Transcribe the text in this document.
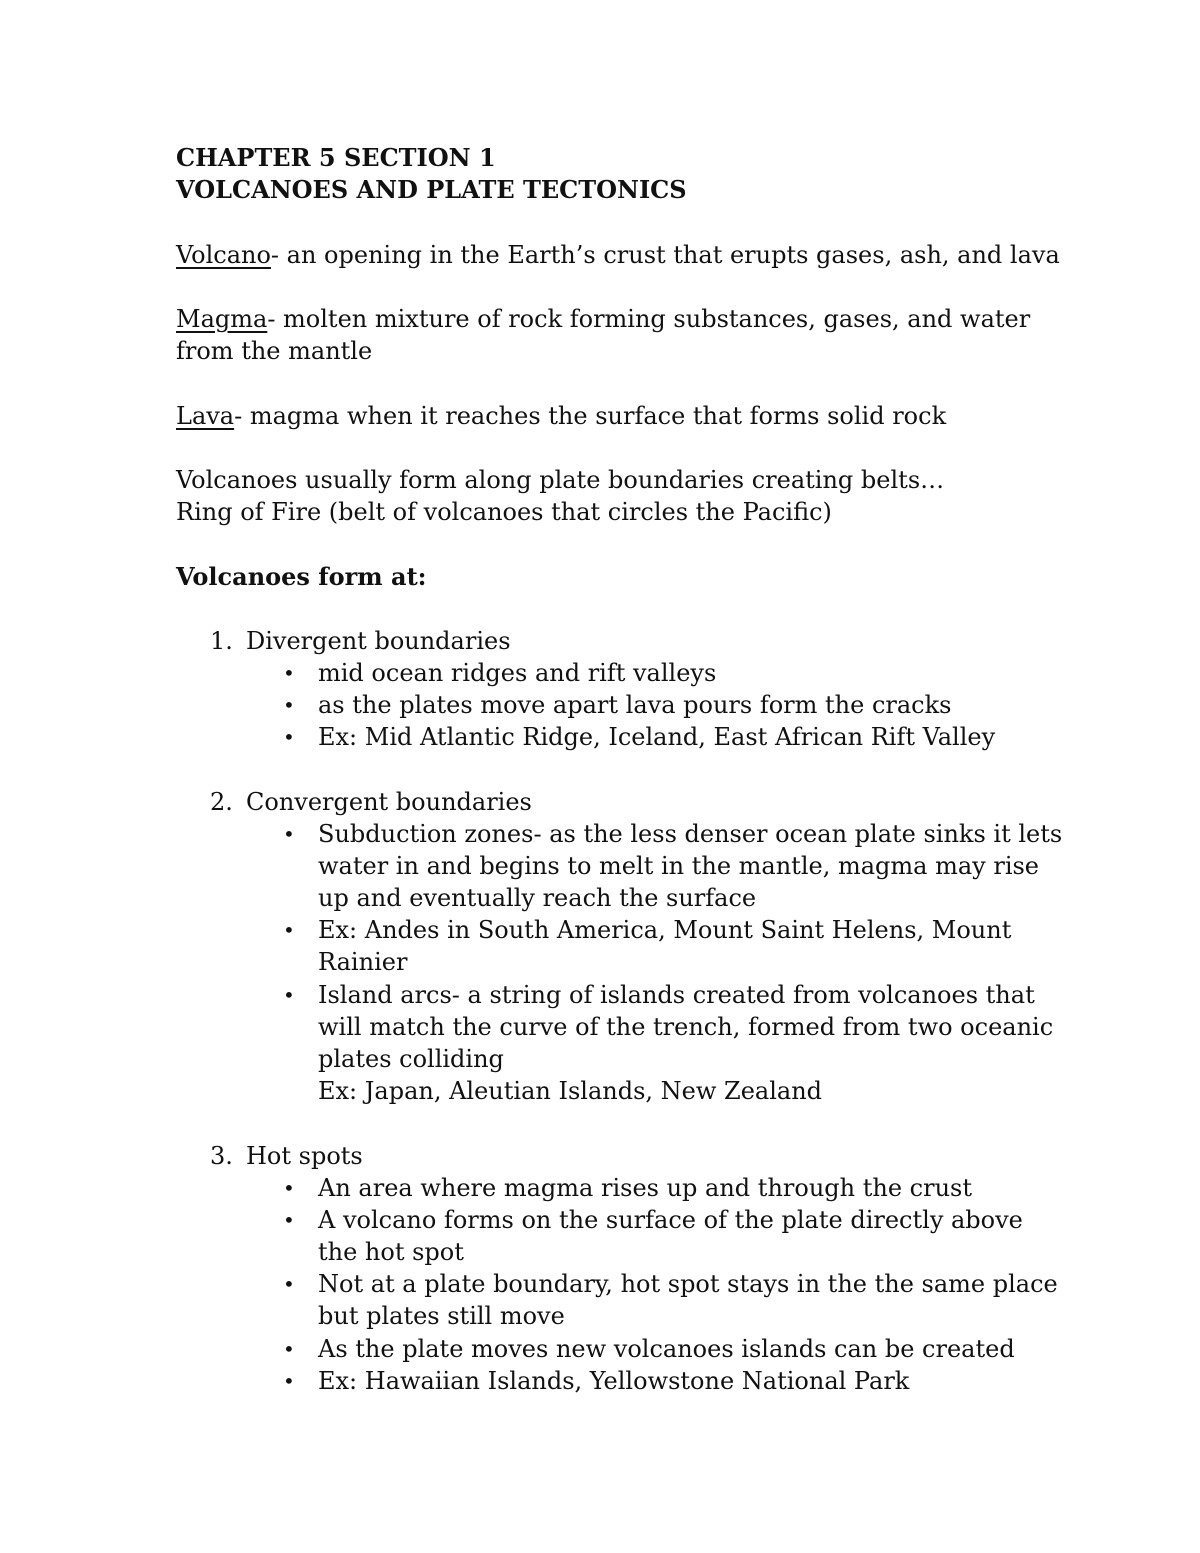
CHAPTER 5 SECTION 1
VOLCANOES AND PLATE TECTONICS
Volcano- an opening in the Earth’s crust that erupts gases, ash, and lava
Magma- molten mixture of rock forming substances, gases, and water
from the mantle
Lava- magma when it reaches the surface that forms solid rock
Volcanoes usually form along plate boundaries creating belts…
Ring of Fire (belt of volcanoes that circles the Pacific)
Volcanoes form at:
1. Divergent boundaries
• mid ocean ridges and rift valleys
• as the plates move apart lava pours form the cracks
• Ex: Mid Atlantic Ridge, Iceland, East African Rift Valley
2. Convergent boundaries
• Subduction zones- as the less denser ocean plate sinks it lets
water in and begins to melt in the mantle, magma may rise
up and eventually reach the surface
• Ex: Andes in South America, Mount Saint Helens, Mount
Rainier
• Island arcs- a string of islands created from volcanoes that
will match the curve of the trench, formed from two oceanic
plates colliding
Ex: Japan, Aleutian Islands, New Zealand
3. Hot spots
• An area where magma rises up and through the crust
• A volcano forms on the surface of the plate directly above
the hot spot
• Not at a plate boundary, hot spot stays in the the same place
but plates still move
• As the plate moves new volcanoes islands can be created
• Ex: Hawaiian Islands, Yellowstone National Park
